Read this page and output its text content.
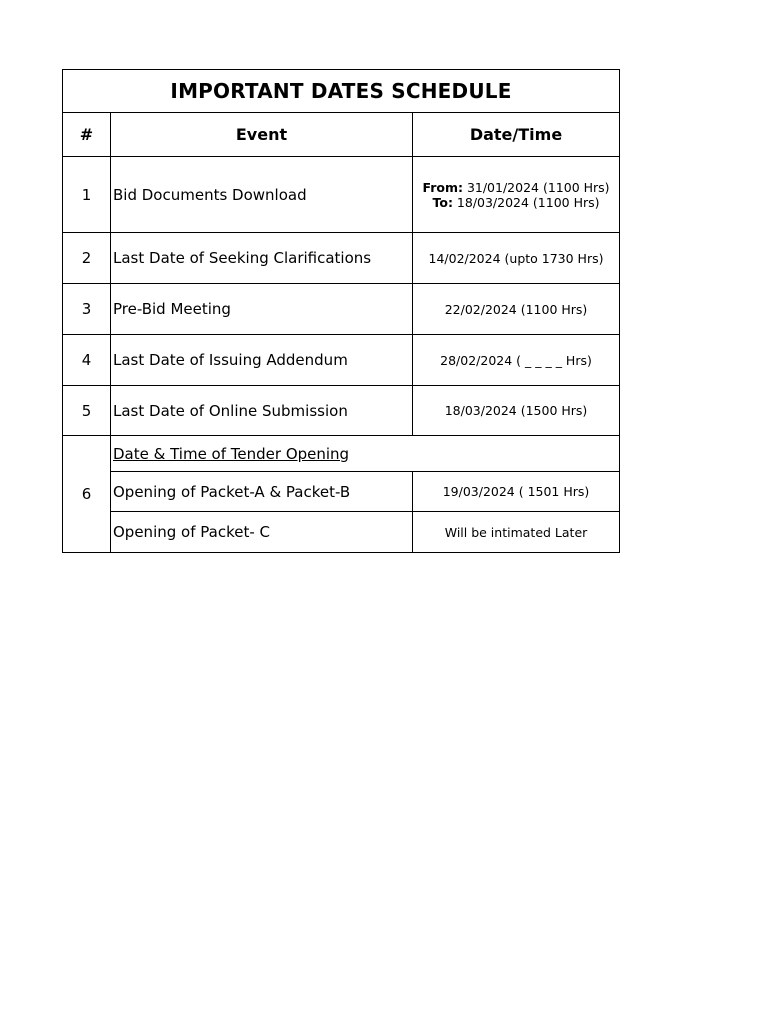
IMPORTANT DATES SCHEDULE		
#	Event	Date/Time
1	Bid Documents Download	From: 31/01/2024 (1100 Hrs)
To: 18/03/2024 (1100 Hrs)

2	Last Date of Seeking Clarifications	14/02/2024 (upto 1730 Hrs)
3	Pre-Bid Meeting	22/02/2024 (1100 Hrs)
4	Last Date of Issuing Addendum	28/02/2024 ( _ _ _ _ Hrs)
5	Last Date of Online Submission	18/03/2024 (1500 Hrs)
6	Date & Time of Tender Opening	
	Opening of Packet-A & Packet-B	19/03/2024 ( 1501 Hrs)
	Opening of Packet- C	Will be intimated Later
